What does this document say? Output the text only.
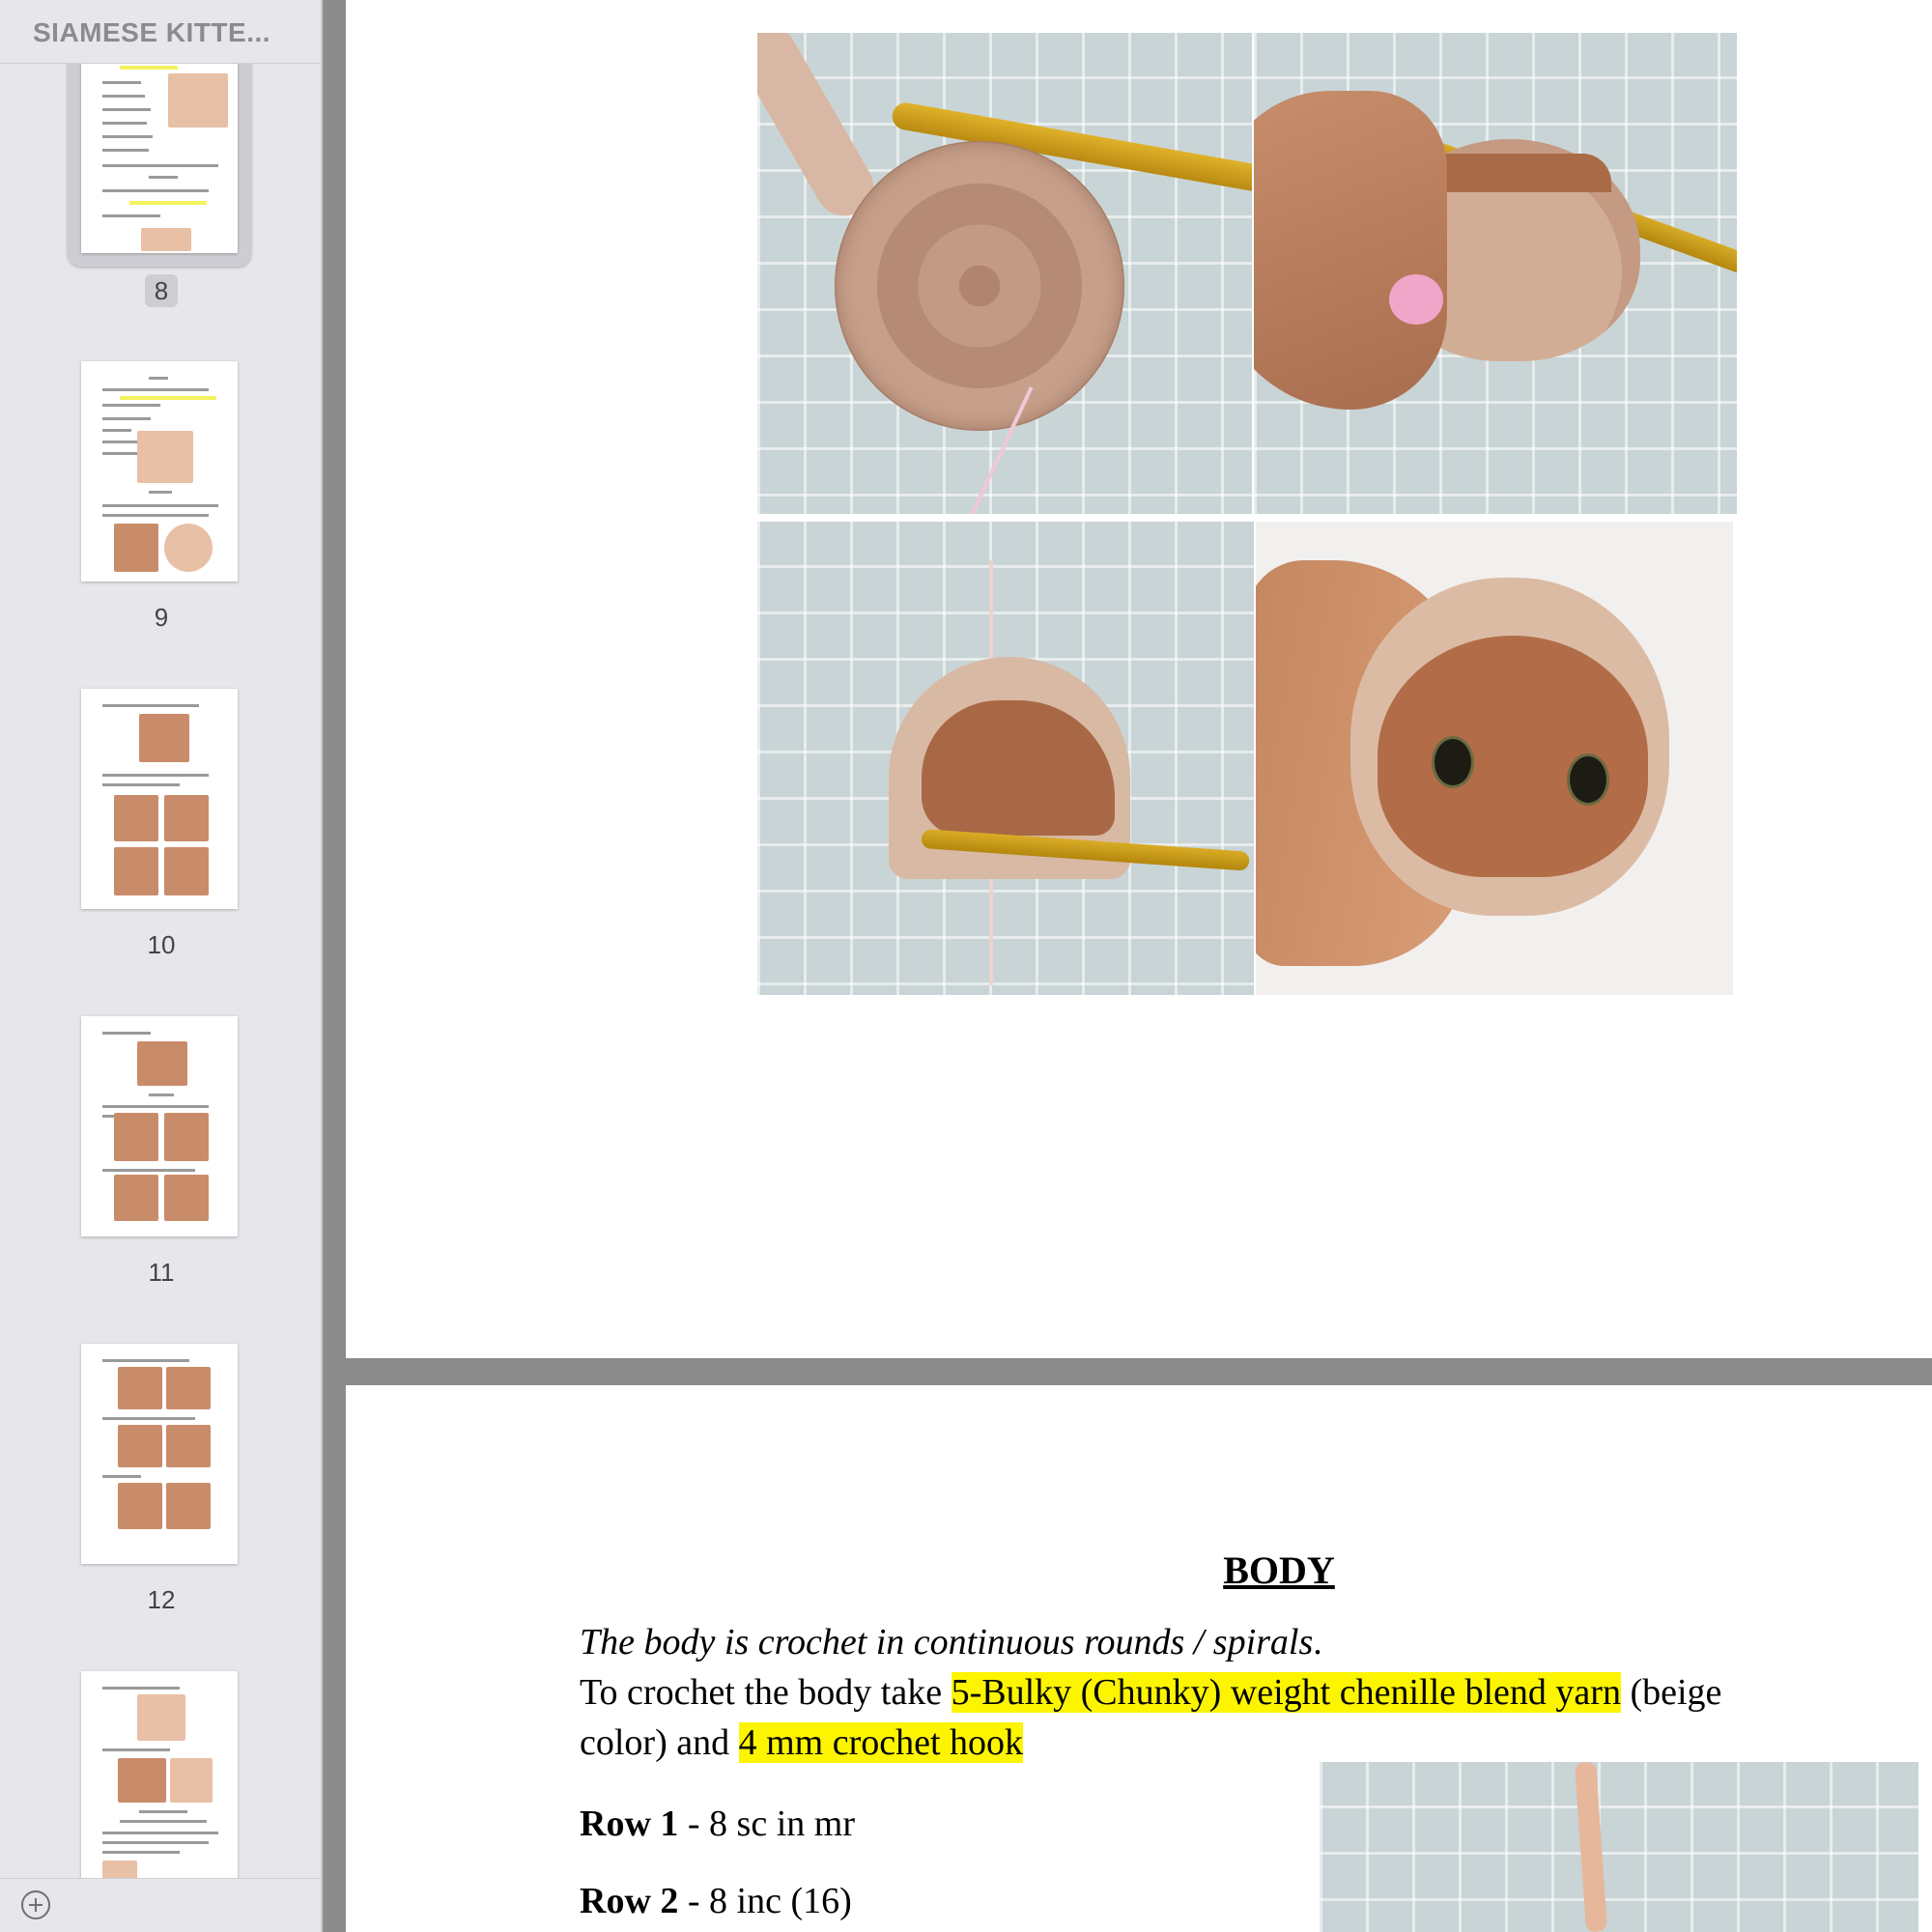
SIAMESE KITTE...
8
9
10
11
12
BODY
The body is crochet in continuous rounds / spirals.
To crochet the body take 5-Bulky (Chunky) weight chenille blend yarn (beige color) and 4 mm crochet hook
Row 1 - 8 sc in mr
Row 2 - 8 inc (16)
